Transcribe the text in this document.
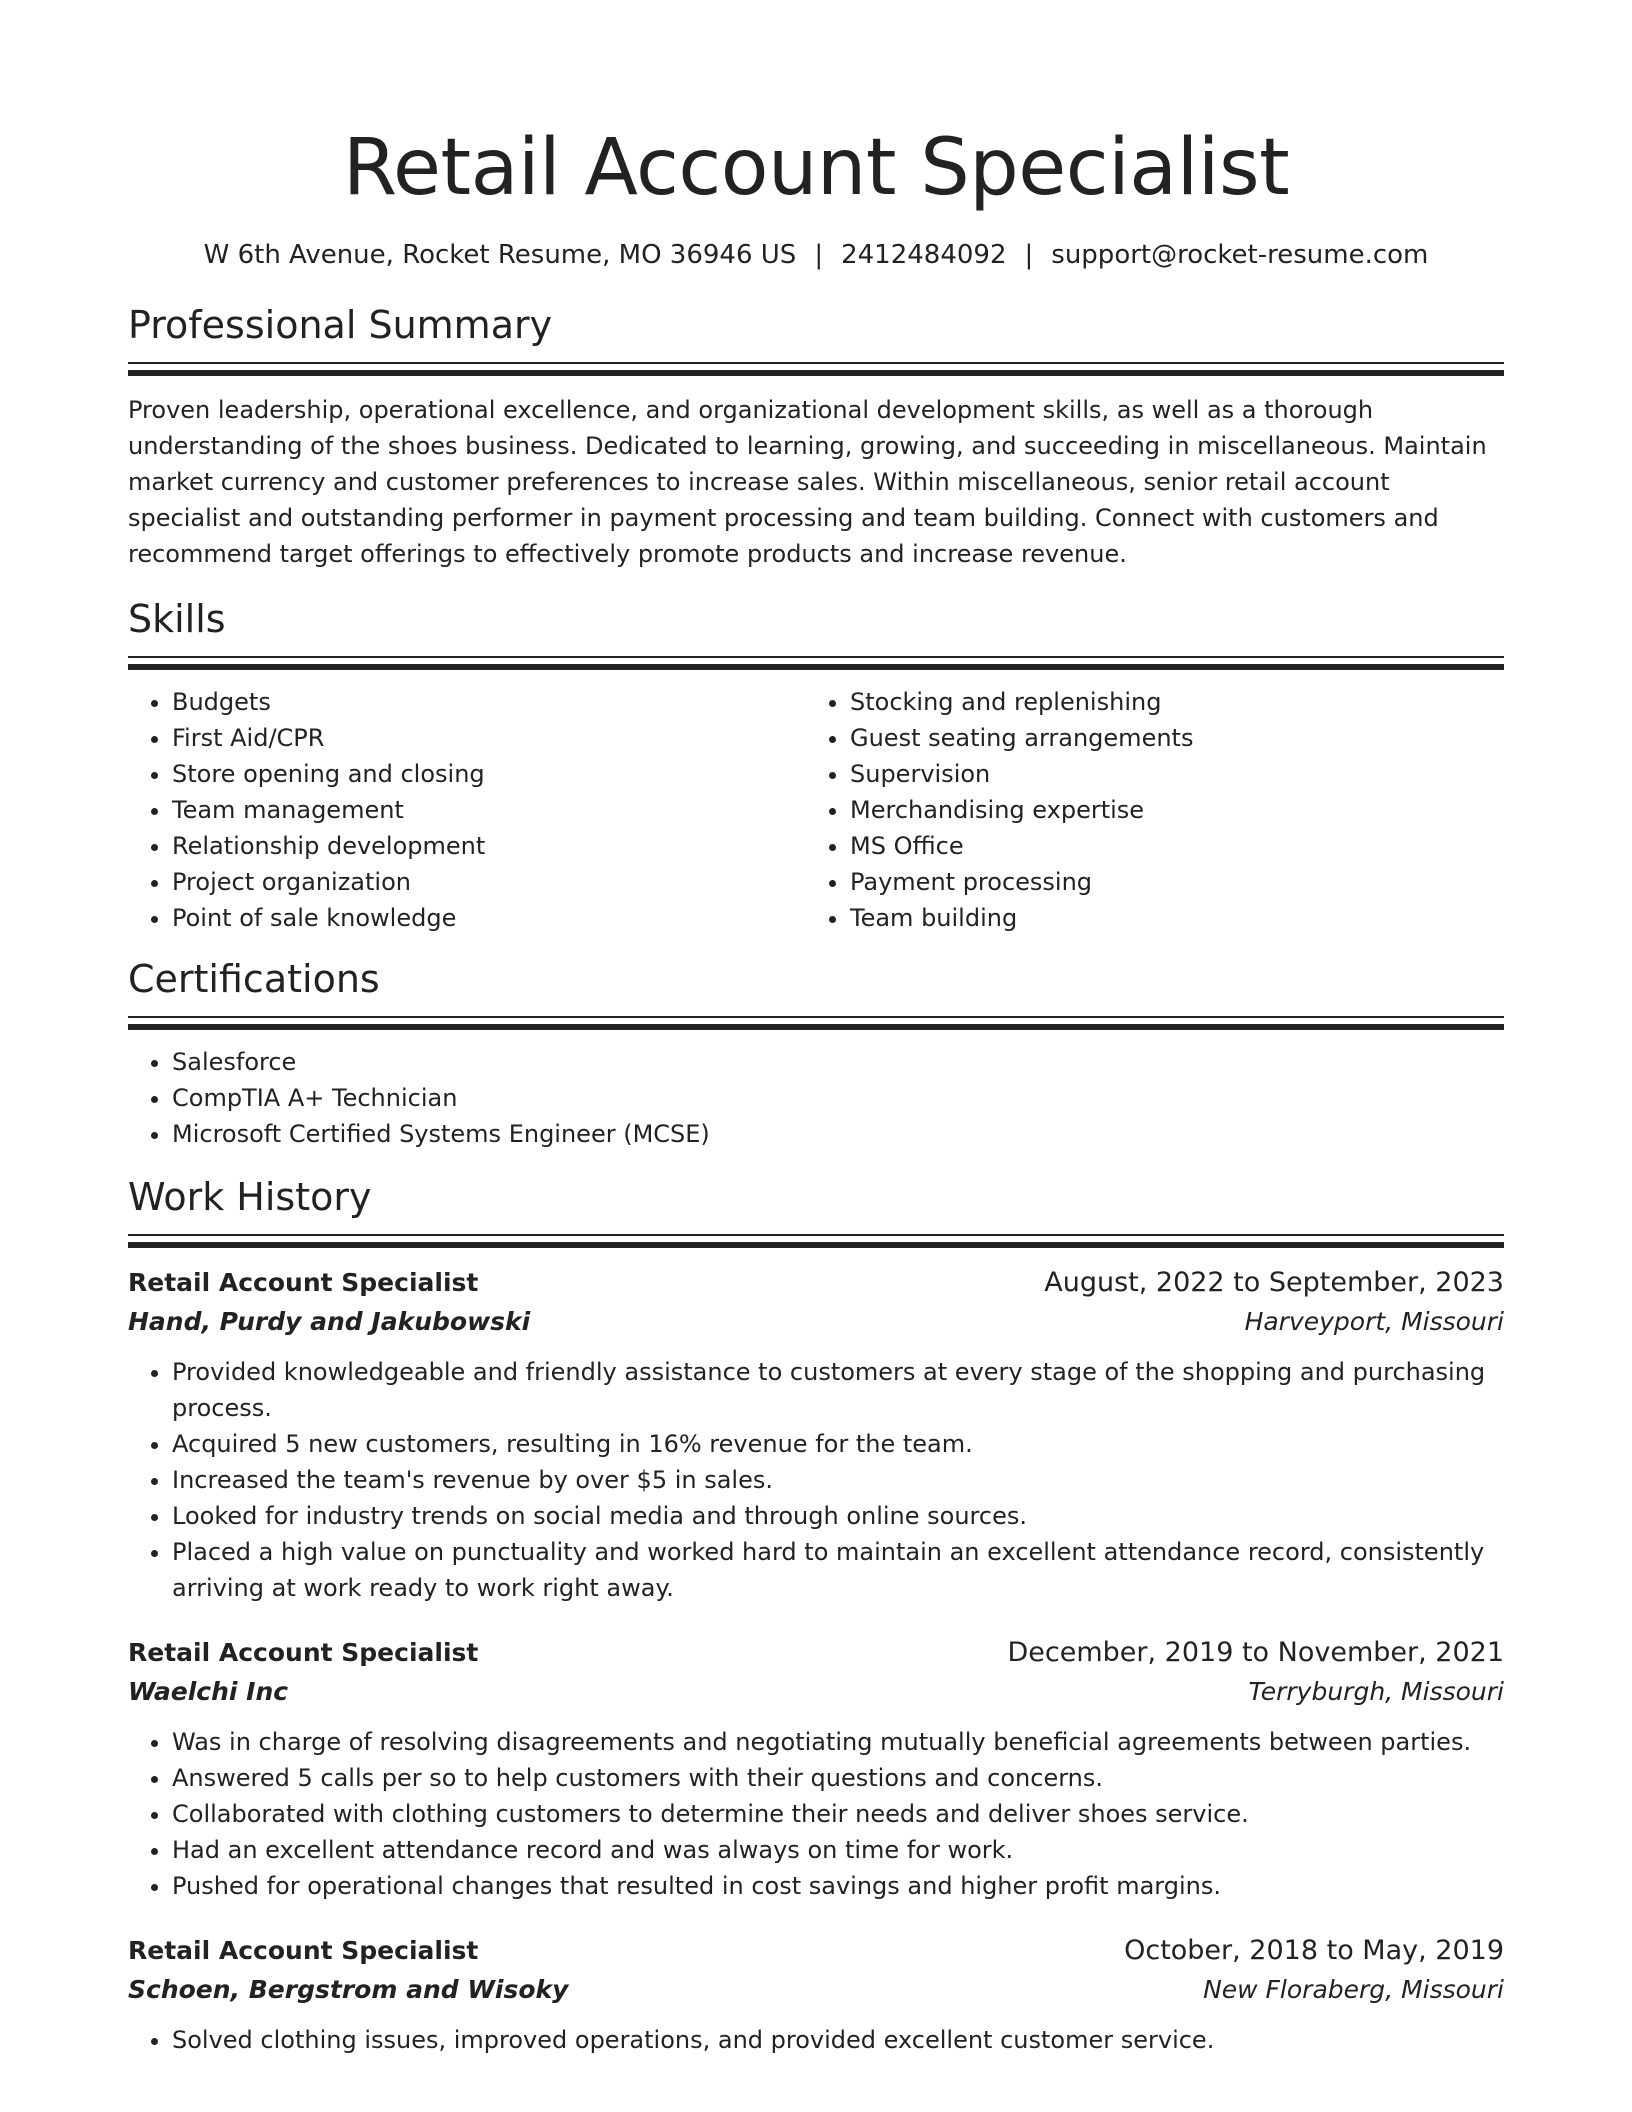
Retail Account Specialist
W 6th Avenue, Rocket Resume, MO 36946 US | 2412484092 | support@rocket-resume.com
Professional Summary
Proven leadership, operational excellence, and organizational development skills, as well as a thorough understanding of the shoes business. Dedicated to learning, growing, and succeeding in miscellaneous. Maintain market currency and customer preferences to increase sales. Within miscellaneous, senior retail account specialist and outstanding performer in payment processing and team building. Connect with customers and recommend target offerings to effectively promote products and increase revenue.
Skills
• Budgets
• First Aid/CPR
• Store opening and closing
• Team management
• Relationship development
• Project organization
• Point of sale knowledge
• Stocking and replenishing
• Guest seating arrangements
• Supervision
• Merchandising expertise
• MS Office
• Payment processing
• Team building
Certifications
• Salesforce
• CompTIA A+ Technician
• Microsoft Certified Systems Engineer (MCSE)
Work History
Retail Account Specialist	August, 2022 to September, 2023
Hand, Purdy and Jakubowski	Harveyport, Missouri
• Provided knowledgeable and friendly assistance to customers at every stage of the shopping and purchasing process.
• Acquired 5 new customers, resulting in 16% revenue for the team.
• Increased the team's revenue by over $5 in sales.
• Looked for industry trends on social media and through online sources.
• Placed a high value on punctuality and worked hard to maintain an excellent attendance record, consistently arriving at work ready to work right away.
Retail Account Specialist	December, 2019 to November, 2021
Waelchi Inc	Terryburgh, Missouri
• Was in charge of resolving disagreements and negotiating mutually beneficial agreements between parties.
• Answered 5 calls per so to help customers with their questions and concerns.
• Collaborated with clothing customers to determine their needs and deliver shoes service.
• Had an excellent attendance record and was always on time for work.
• Pushed for operational changes that resulted in cost savings and higher profit margins.
Retail Account Specialist	October, 2018 to May, 2019
Schoen, Bergstrom and Wisoky	New Floraberg, Missouri
• Solved clothing issues, improved operations, and provided excellent customer service.
